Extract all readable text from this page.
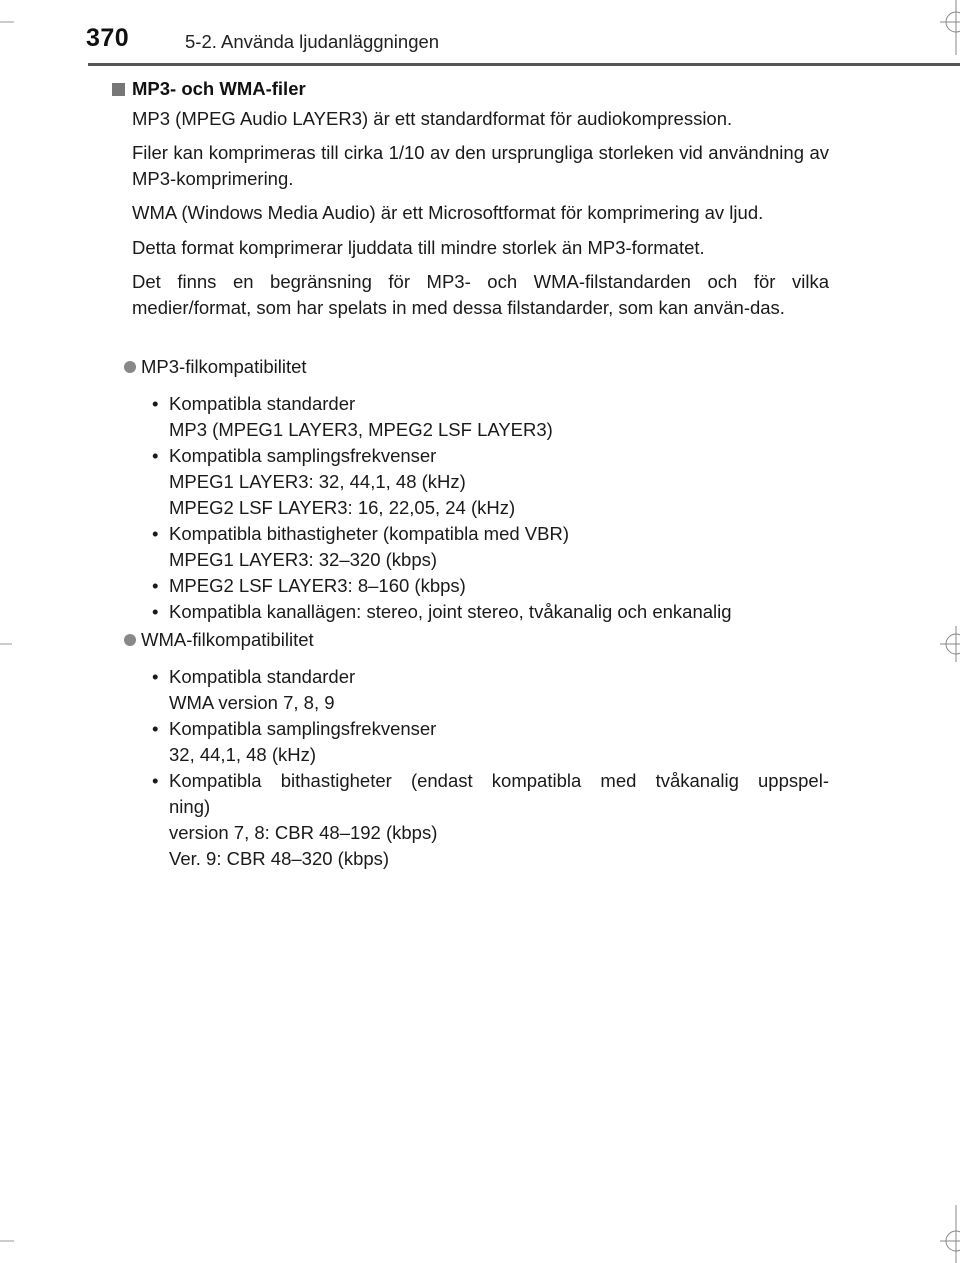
370	5-2. Använda ljudanläggningen
MP3- och WMA-filer
MP3 (MPEG Audio LAYER3) är ett standardformat för audiokompression.
Filer kan komprimeras till cirka 1/10 av den ursprungliga storleken vid användning av MP3-komprimering.
WMA (Windows Media Audio) är ett Microsoftformat för komprimering av ljud.
Detta format komprimerar ljuddata till mindre storlek än MP3-formatet.
Det finns en begränsning för MP3- och WMA-filstandarden och för vilka medier/format, som har spelats in med dessa filstandarder, som kan använ-das.
MP3-filkompatibilitet
• Kompatibla standarder
MP3 (MPEG1 LAYER3, MPEG2 LSF LAYER3)
• Kompatibla samplingsfrekvenser
MPEG1 LAYER3: 32, 44,1, 48 (kHz)
MPEG2 LSF LAYER3: 16, 22,05, 24 (kHz)
• Kompatibla bithastigheter (kompatibla med VBR)
MPEG1 LAYER3: 32–320 (kbps)
• MPEG2 LSF LAYER3: 8–160 (kbps)
• Kompatibla kanallägen: stereo, joint stereo, tvåkanalig och enkanalig
WMA-filkompatibilitet
• Kompatibla standarder
WMA version 7, 8, 9
• Kompatibla samplingsfrekvenser
32, 44,1, 48 (kHz)
• Kompatibla bithastigheter (endast kompatibla med tvåkanalig uppspel-
ning)
version 7, 8: CBR 48–192 (kbps)
Ver. 9: CBR 48–320 (kbps)
